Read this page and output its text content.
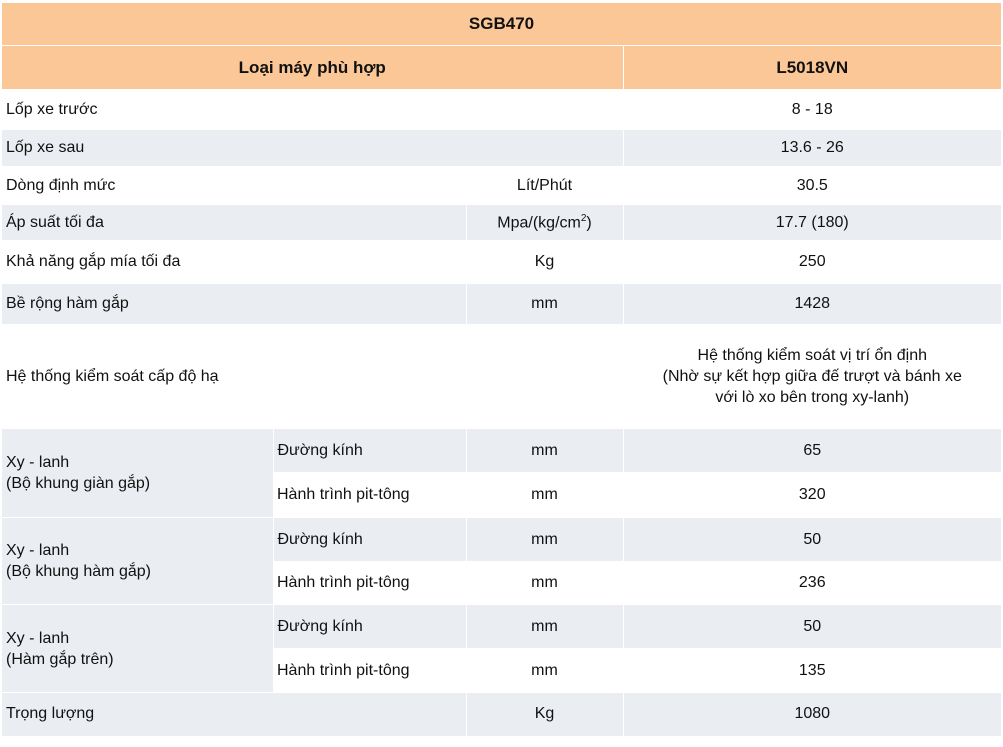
SGB470			
Loại máy phù hợp			L5018VN
Lốp xe trước			8 - 18
Lốp xe sau			13.6 - 26
Dòng định mức		Lít/Phút	30.5
Áp suất tối đa		Mpa/$(kg/cm^2)$	17.7 (180)
Khả năng gắp mía tối đa		Kg	250
Bề rộng hàm gắp		mm	1428
Hệ thống kiểm soát cấp độ hạ			Hệ thống kiểm soát vị trí ổn định
(Nhờ sự kết hợp giữa đế trượt và bánh xe
với lò xo bên trong xy-lanh)

Xy - lanh
(Bộ khung giàn gắp)	Đường kính	mm	65
	Hành trình pit-tông	mm	320

Xy - lanh
(Bộ khung hàm gắp)	Đường kính	mm	50
	Hành trình pit-tông	mm	236

Xy - lanh
(Hàm gắp trên)	Đường kính	mm	50
	Hành trình pit-tông	mm	135
Trọng lượng		Kg	1080
